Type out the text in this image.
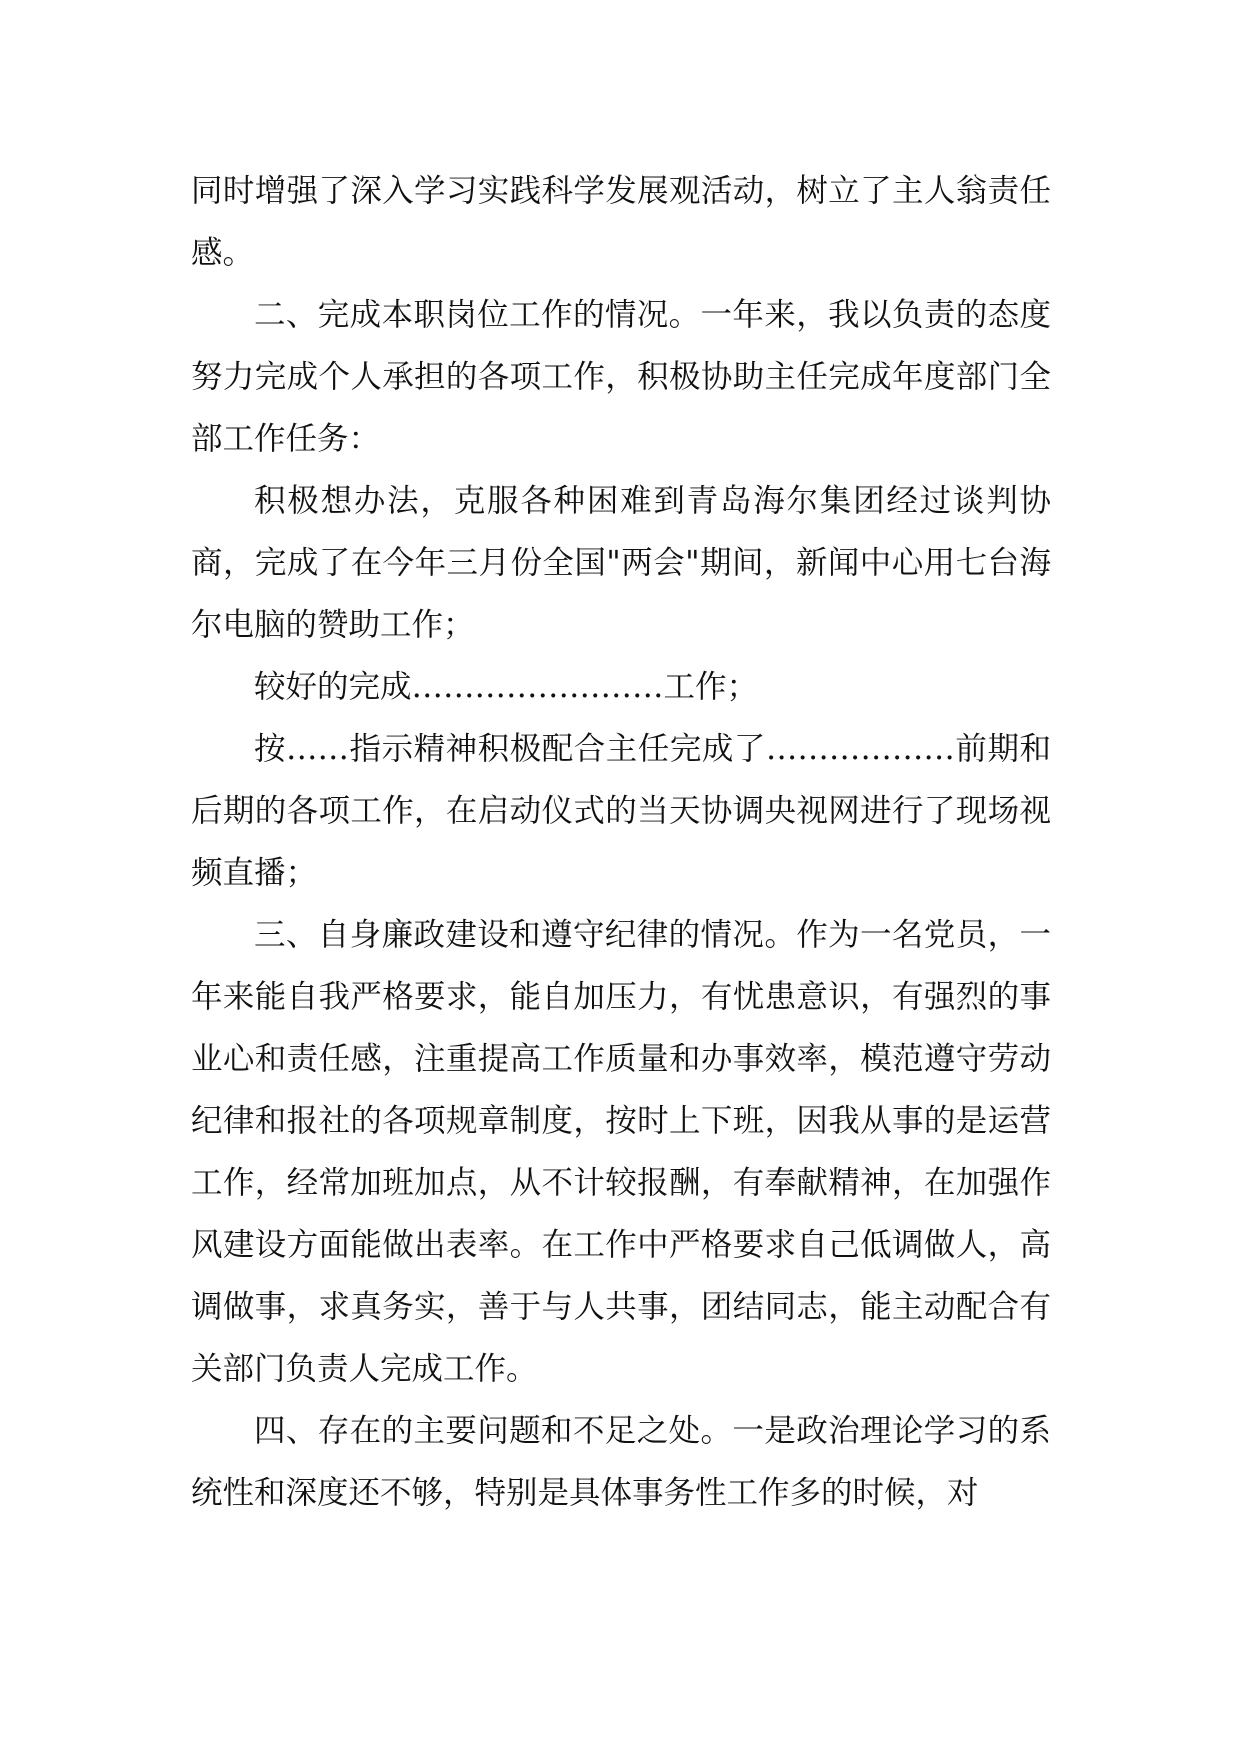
同时增强了深入学习实践科学发展观活动，树立了主人翁责任感。

二、完成本职岗位工作的情况。一年来，我以负责的态度努力完成个人承担的各项工作，积极协助主任完成年度部门全部工作任务：

积极想办法，克服各种困难到青岛海尔集团经过谈判协商，完成了在今年三月份全国"两会"期间，新闻中心用七台海尔电脑的赞助工作；

较好的完成……………………工作；

按……指示精神积极配合主任完成了………………前期和后期的各项工作，在启动仪式的当天协调央视网进行了现场视频直播；

三、自身廉政建设和遵守纪律的情况。作为一名党员，一年来能自我严格要求，能自加压力，有忧患意识，有强烈的事业心和责任感，注重提高工作质量和办事效率，模范遵守劳动纪律和报社的各项规章制度，按时上下班，因我从事的是运营工作，经常加班加点，从不计较报酬，有奉献精神，在加强作风建设方面能做出表率。在工作中严格要求自己低调做人，高调做事，求真务实，善于与人共事，团结同志，能主动配合有关部门负责人完成工作。

四、存在的主要问题和不足之处。一是政治理论学习的系统性和深度还不够，特别是具体事务性工作多的时候，对
